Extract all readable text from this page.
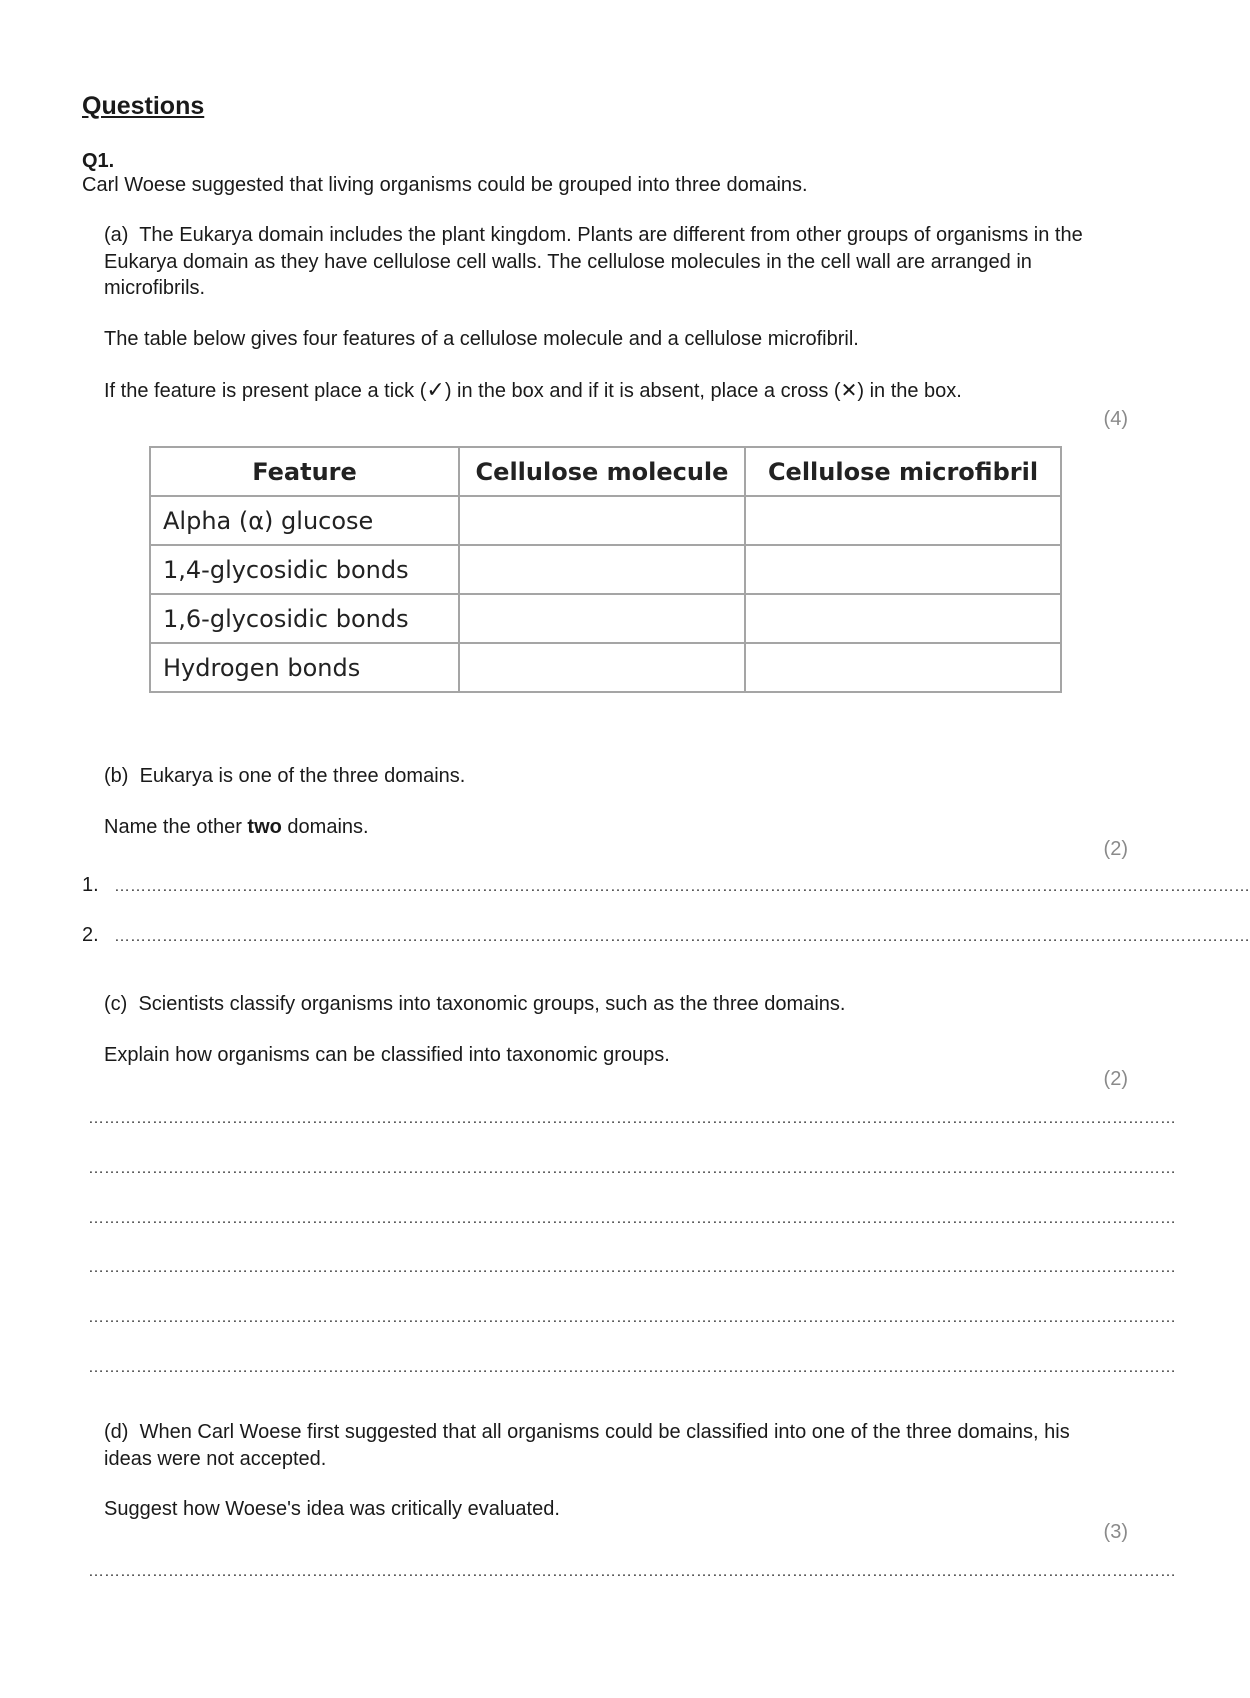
Questions
Q1.
Carl Woese suggested that living organisms could be grouped into three domains.
(a) The Eukarya domain includes the plant kingdom. Plants are different from other groups of organisms in the Eukarya domain as they have cellulose cell walls. The cellulose molecules in the cell wall are arranged in microfibrils.
The table below gives four features of a cellulose molecule and a cellulose microfibril.
If the feature is present place a tick (✓) in the box and if it is absent, place a cross (✕) in the box.
(4)
Feature	Cellulose molecule	Cellulose microfibril
Alpha (α) glucose		
1,4-glycosidic bonds		
1,6-glycosidic bonds		
Hydrogen bonds		
(b) Eukarya is one of the three domains.
Name the other two domains.
(2)
1. ……………………………………………………………………………………………………………………………………………………………………………………………
2. ……………………………………………………………………………………………………………………………………………………………………………………………
(c) Scientists classify organisms into taxonomic groups, such as the three domains.
Explain how organisms can be classified into taxonomic groups.
(2)
……………………………………………………………………………………………………………………………………………………………………………………
……………………………………………………………………………………………………………………………………………………………………………………
……………………………………………………………………………………………………………………………………………………………………………………
……………………………………………………………………………………………………………………………………………………………………………………
……………………………………………………………………………………………………………………………………………………………………………………
……………………………………………………………………………………………………………………………………………………………………………………
(d) When Carl Woese first suggested that all organisms could be classified into one of the three domains, his ideas were not accepted.
Suggest how Woese's idea was critically evaluated.
(3)
……………………………………………………………………………………………………………………………………………………………………………………
